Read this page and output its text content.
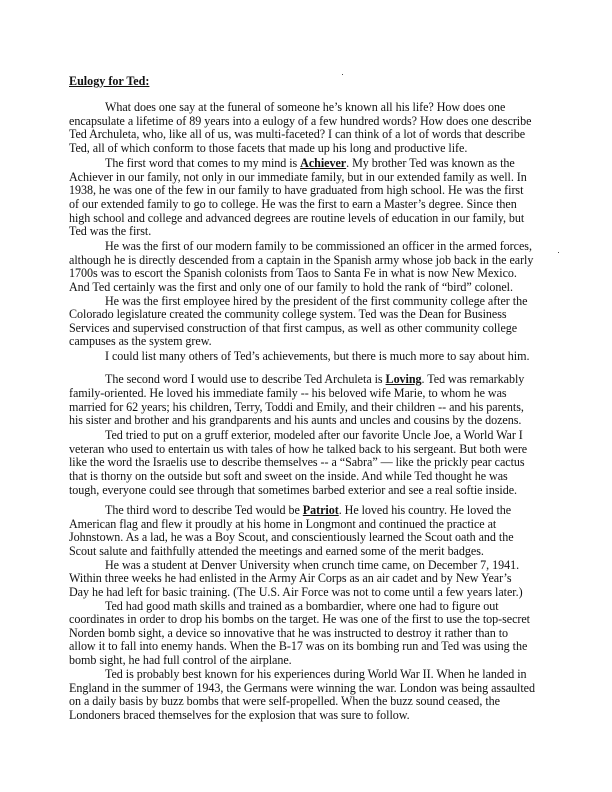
Eulogy for Ted:
What does one say at the funeral of someone he’s known all his life? How does one
encapsulate a lifetime of 89 years into a eulogy of a few hundred words? How does one describe
Ted Archuleta, who, like all of us, was multi-faceted? I can think of a lot of words that describe
Ted, all of which conform to those facets that made up his long and productive life.
The first word that comes to my mind is Achiever. My brother Ted was known as the
Achiever in our family, not only in our immediate family, but in our extended family as well. In
1938, he was one of the few in our family to have graduated from high school. He was the first
of our extended family to go to college. He was the first to earn a Master’s degree. Since then
high school and college and advanced degrees are routine levels of education in our family, but
Ted was the first.
He was the first of our modern family to be commissioned an officer in the armed forces,
although he is directly descended from a captain in the Spanish army whose job back in the early
1700s was to escort the Spanish colonists from Taos to Santa Fe in what is now New Mexico.
And Ted certainly was the first and only one of our family to hold the rank of “bird” colonel.
He was the first employee hired by the president of the first community college after the
Colorado legislature created the community college system. Ted was the Dean for Business
Services and supervised construction of that first campus, as well as other community college
campuses as the system grew.
I could list many others of Ted’s achievements, but there is much more to say about him.
The second word I would use to describe Ted Archuleta is Loving. Ted was remarkably
family-oriented. He loved his immediate family -- his beloved wife Marie, to whom he was
married for 62 years; his children, Terry, Toddi and Emily, and their children -- and his parents,
his sister and brother and his grandparents and his aunts and uncles and cousins by the dozens.
Ted tried to put on a gruff exterior, modeled after our favorite Uncle Joe, a World War I
veteran who used to entertain us with tales of how he talked back to his sergeant. But both were
like the word the Israelis use to describe themselves -- a “Sabra” — like the prickly pear cactus
that is thorny on the outside but soft and sweet on the inside. And while Ted thought he was
tough, everyone could see through that sometimes barbed exterior and see a real softie inside.
The third word to describe Ted would be Patriot. He loved his country. He loved the
American flag and flew it proudly at his home in Longmont and continued the practice at
Johnstown. As a lad, he was a Boy Scout, and conscientiously learned the Scout oath and the
Scout salute and faithfully attended the meetings and earned some of the merit badges.
He was a student at Denver University when crunch time came, on December 7, 1941.
Within three weeks he had enlisted in the Army Air Corps as an air cadet and by New Year’s
Day he had left for basic training. (The U.S. Air Force was not to come until a few years later.)
Ted had good math skills and trained as a bombardier, where one had to figure out
coordinates in order to drop his bombs on the target. He was one of the first to use the top-secret
Norden bomb sight, a device so innovative that he was instructed to destroy it rather than to
allow it to fall into enemy hands. When the B-17 was on its bombing run and Ted was using the
bomb sight, he had full control of the airplane.
Ted is probably best known for his experiences during World War II. When he landed in
England in the summer of 1943, the Germans were winning the war. London was being assaulted
on a daily basis by buzz bombs that were self-propelled. When the buzz sound ceased, the
Londoners braced themselves for the explosion that was sure to follow.
